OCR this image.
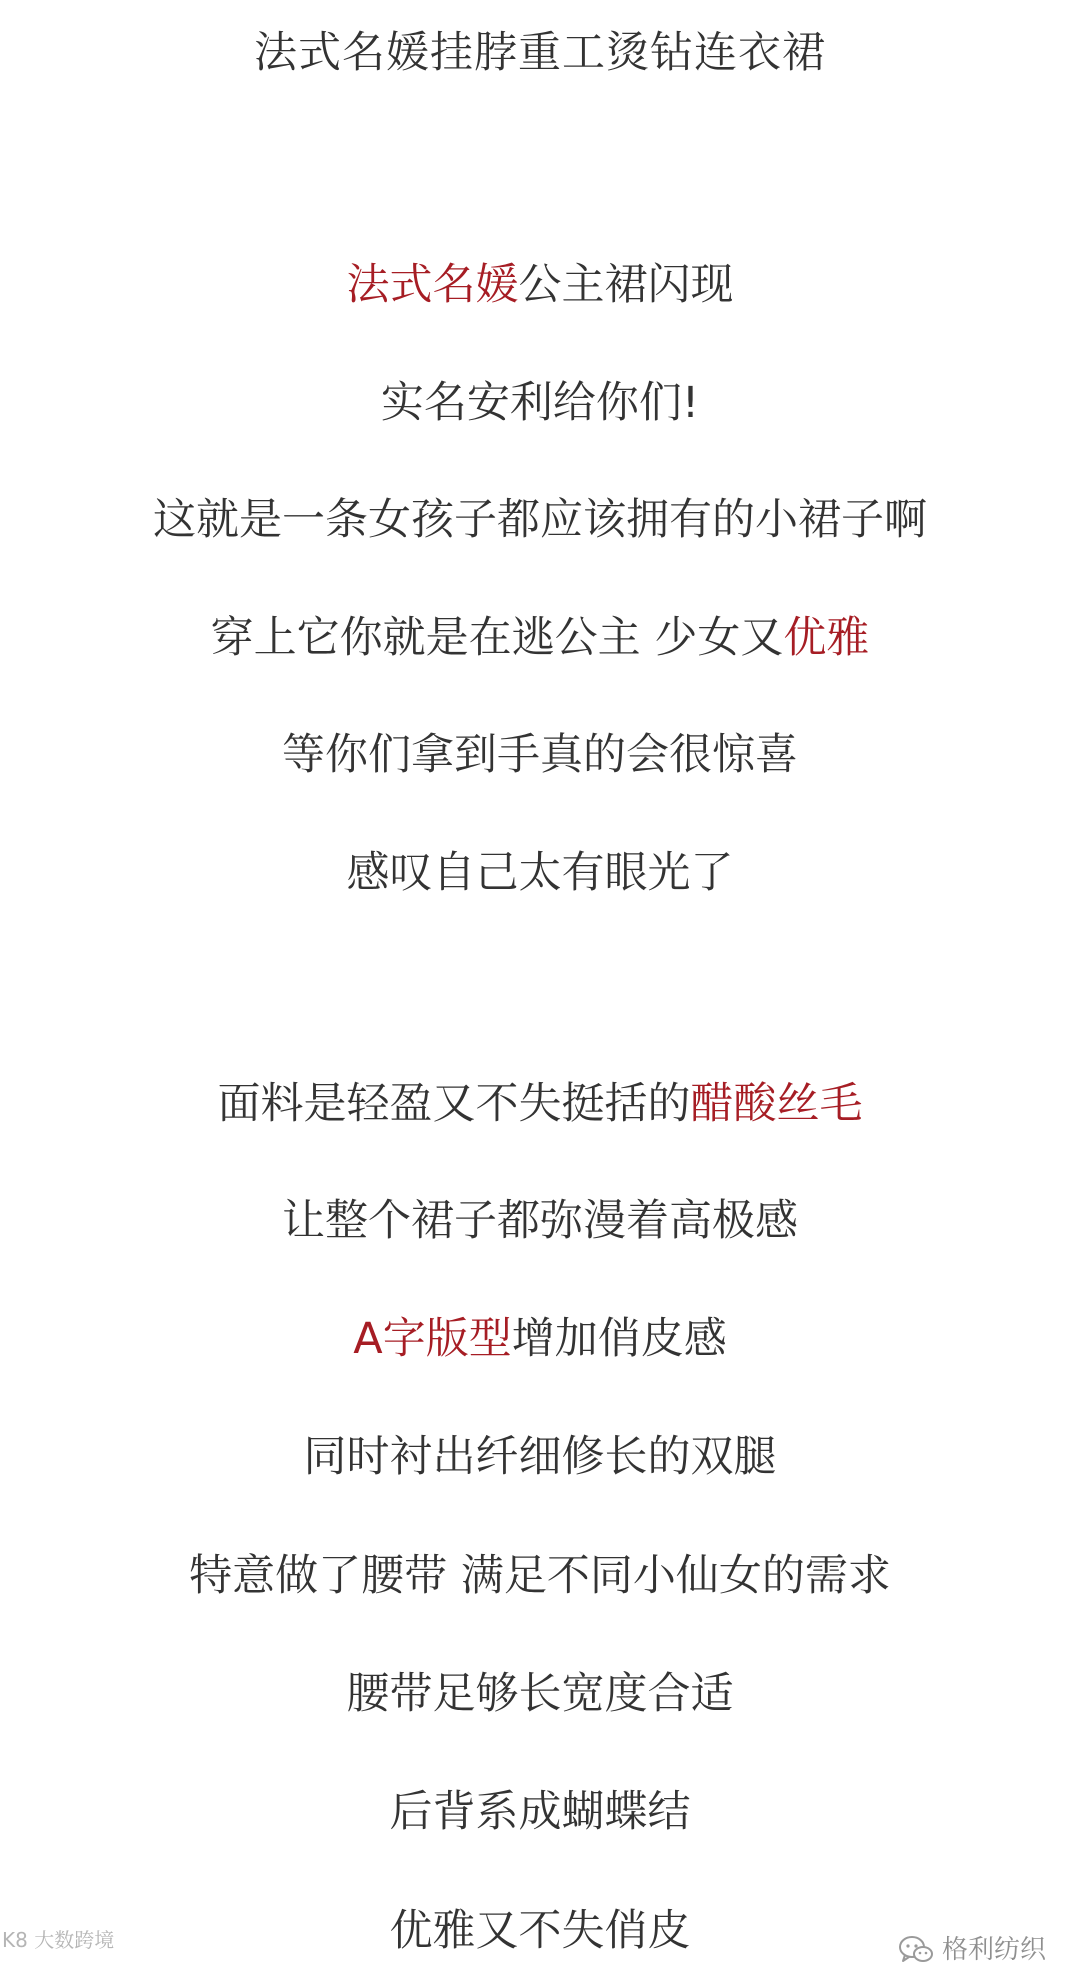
法式名媛挂脖重工烫钻连衣裙
法式名媛公主裙闪现
实名安利给你们!
这就是一条女孩子都应该拥有的小裙子啊
穿上它你就是在逃公主 少女又优雅
等你们拿到手真的会很惊喜
感叹自己太有眼光了
面料是轻盈又不失挺括的醋酸丝毛
让整个裙子都弥漫着高极感
A字版型增加俏皮感
同时衬出纤细修长的双腿
特意做了腰带 满足不同小仙女的需求
腰带足够长宽度合适
后背系成蝴蝶结
优雅又不失俏皮
K8 大数跨境	格利纺织
